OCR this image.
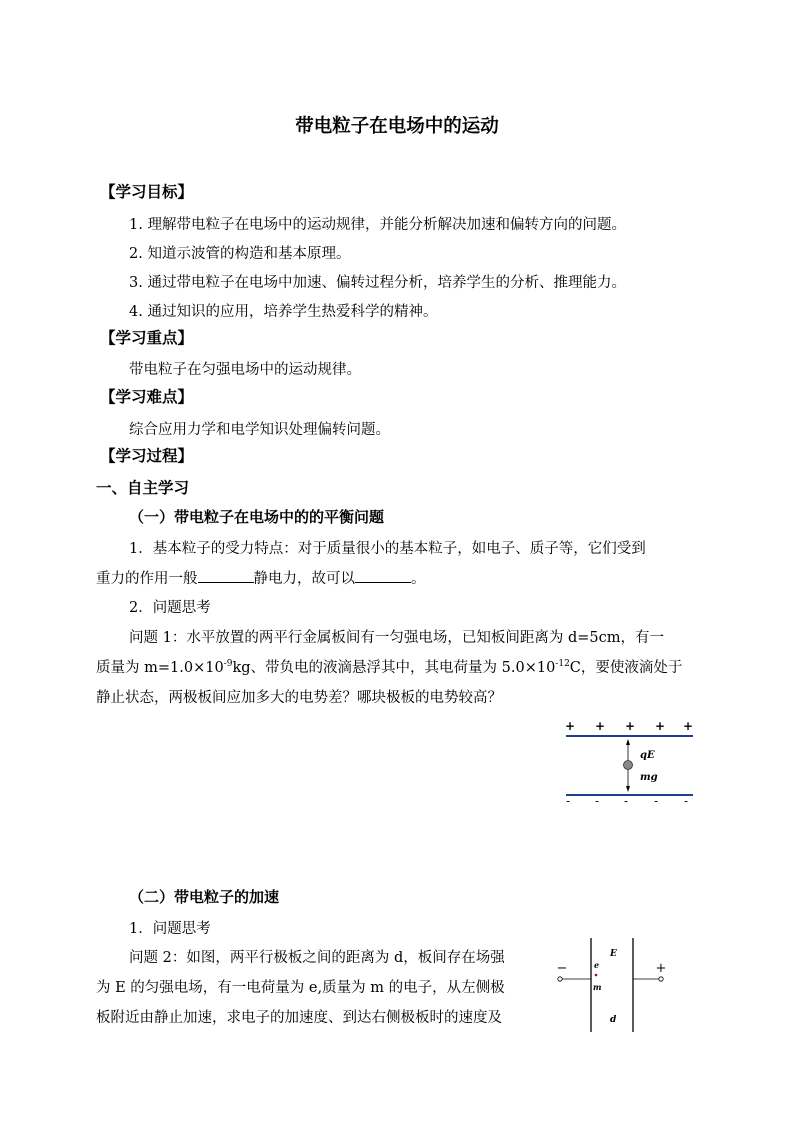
带电粒子在电场中的运动
【学习目标】
1. 理解带电粒子在电场中的运动规律，并能分析解决加速和偏转方向的问题。
2. 知道示波管的构造和基本原理。
3. 通过带电粒子在电场中加速、偏转过程分析，培养学生的分析、推理能力。
4. 通过知识的应用，培养学生热爱科学的精神。
【学习重点】
带电粒子在匀强电场中的运动规律。
【学习难点】
综合应用力学和电学知识处理偏转问题。
【学习过程】
一、自主学习
（一）带电粒子在电场中的的平衡问题
1．基本粒子的受力特点：对于质量很小的基本粒子，如电子、质子等，它们受到
重力的作用一般	静电力，故可以	。
2．问题思考
问题 1：水平放置的两平行金属板间有一匀强电场，已知板间距离为 d=5cm，有一
质量为 $m=1.0\times 10^{-9}kg$、带负电的液滴悬浮其中，其电荷量为 $5.0\times 10^{-12}C$，要使液滴处于
静止状态，两极板间应加多大的电势差？哪块极板的电势较高？
+ + + + +
qE
mg
- - - - -
（二）带电粒子的加速
1．问题思考
问题 2：如图，两平行极板之间的距离为 d，板间存在场强
为 E 的匀强电场，有一电荷量为 e,质量为 m 的电子，从左侧极
板附近由静止加速，求电子的加速度、到达右侧极板时的速度及
−	+
E
e
m
d
